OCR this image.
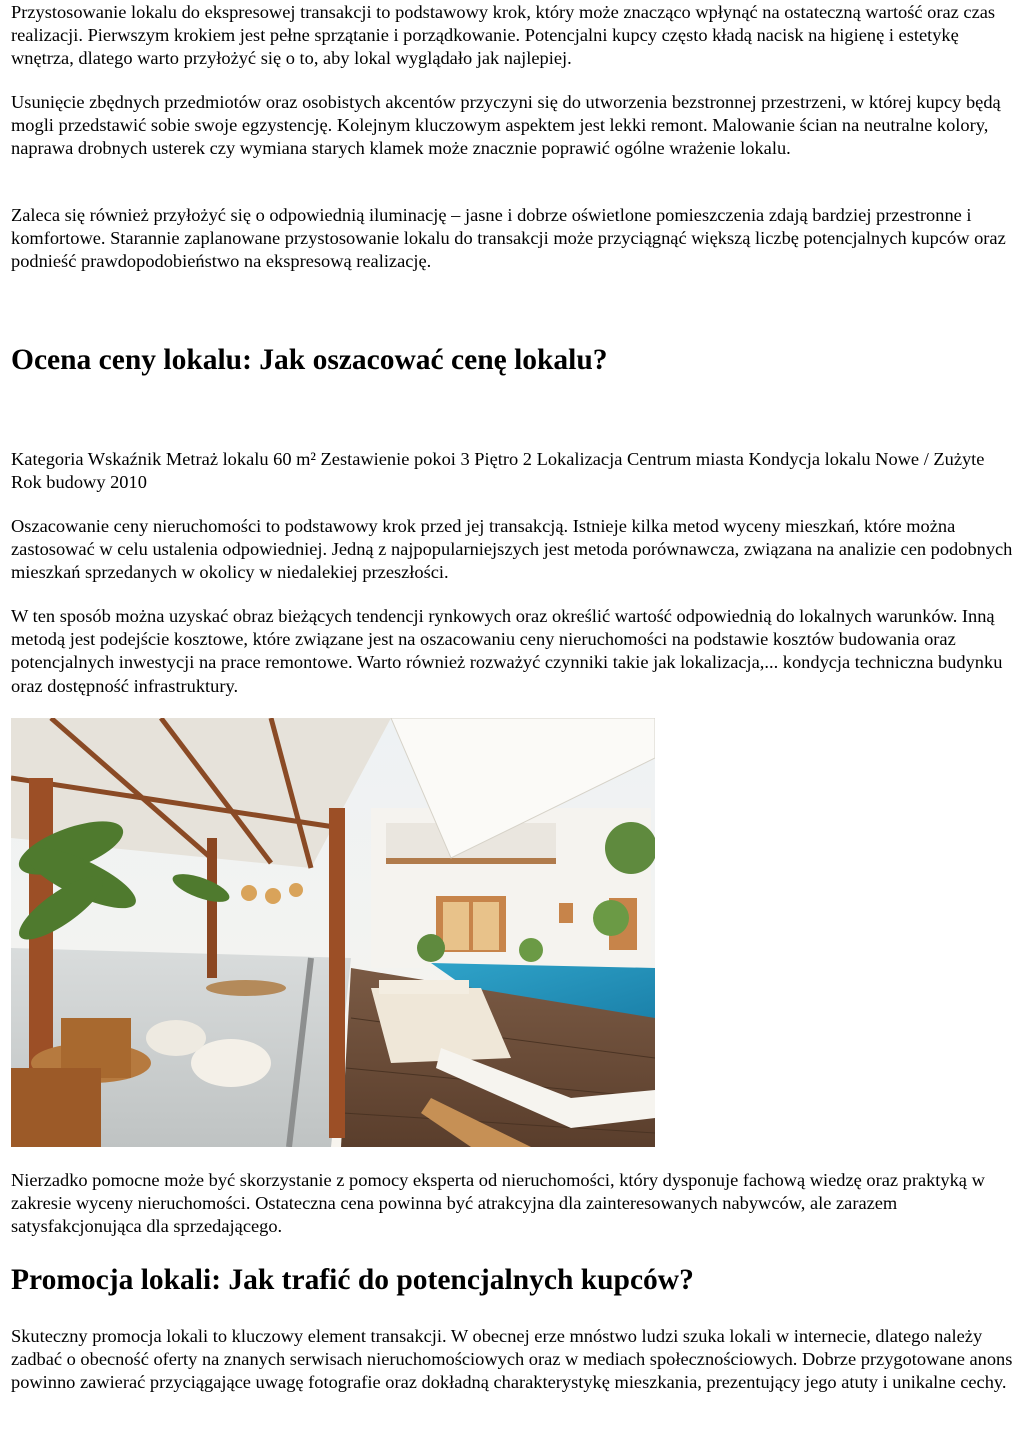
Przystosowanie lokalu do ekspresowej transakcji to podstawowy krok, który może znacząco wpłynąć na ostateczną wartość oraz czas realizacji. Pierwszym krokiem jest pełne sprzątanie i porządkowanie. Potencjalni kupcy często kładą nacisk na higienę i estetykę wnętrza, dlatego warto przyłożyć się o to, aby lokal wyglądało jak najlepiej.

Usunięcie zbędnych przedmiotów oraz osobistych akcentów przyczyni się do utworzenia bezstronnej przestrzeni, w której kupcy będą mogli przedstawić sobie swoje egzystencję. Kolejnym kluczowym aspektem jest lekki remont. Malowanie ścian na neutralne kolory, naprawa drobnych usterek czy wymiana starych klamek może znacznie poprawić ogólne wrażenie lokalu.

Zaleca się również przyłożyć się o odpowiednią iluminację – jasne i dobrze oświetlone pomieszczenia zdają bardziej przestronne i komfortowe. Starannie zaplanowane przystosowanie lokalu do transakcji może przyciągnąć większą liczbę potencjalnych kupców oraz podnieść prawdopodobieństwo na ekspresową realizację.

Ocena ceny lokalu: Jak oszacować cenę lokalu?

Kategoria Wskaźnik Metraż lokalu 60 m² Zestawienie pokoi 3 Piętro 2 Lokalizacja Centrum miasta Kondycja lokalu Nowe / Zużyte Rok budowy 2010

Oszacowanie ceny nieruchomości to podstawowy krok przed jej transakcją. Istnieje kilka metod wyceny mieszkań, które można zastosować w celu ustalenia odpowiedniej. Jedną z najpopularniejszych jest metoda porównawcza, związana na analizie cen podobnych mieszkań sprzedanych w okolicy w niedalekiej przeszłości.

W ten sposób można uzyskać obraz bieżących tendencji rynkowych oraz określić wartość odpowiednią do lokalnych warunków. Inną metodą jest podejście kosztowe, które związane jest na oszacowaniu ceny nieruchomości na podstawie kosztów budowania oraz potencjalnych inwestycji na prace remontowe. Warto również rozważyć czynniki takie jak lokalizacja,... kondycja techniczna budynku oraz dostępność infrastruktury.

Nierzadko pomocne może być skorzystanie z pomocy eksperta od nieruchomości, który dysponuje fachową wiedzę oraz praktyką w zakresie wyceny nieruchomości. Ostateczna cena powinna być atrakcyjna dla zainteresowanych nabywców, ale zarazem satysfakcjonująca dla sprzedającego.

Promocja lokali: Jak trafić do potencjalnych kupców?

Skuteczny promocja lokali to kluczowy element transakcji. W obecnej erze mnóstwo ludzi szuka lokali w internecie, dlatego należy zadbać o obecność oferty na znanych serwisach nieruchomościowych oraz w mediach społecznościowych. Dobrze przygotowane anons powinno zawierać przyciągające uwagę fotografie oraz dokładną charakterystykę mieszkania, prezentujący jego atuty i unikalne cechy.
